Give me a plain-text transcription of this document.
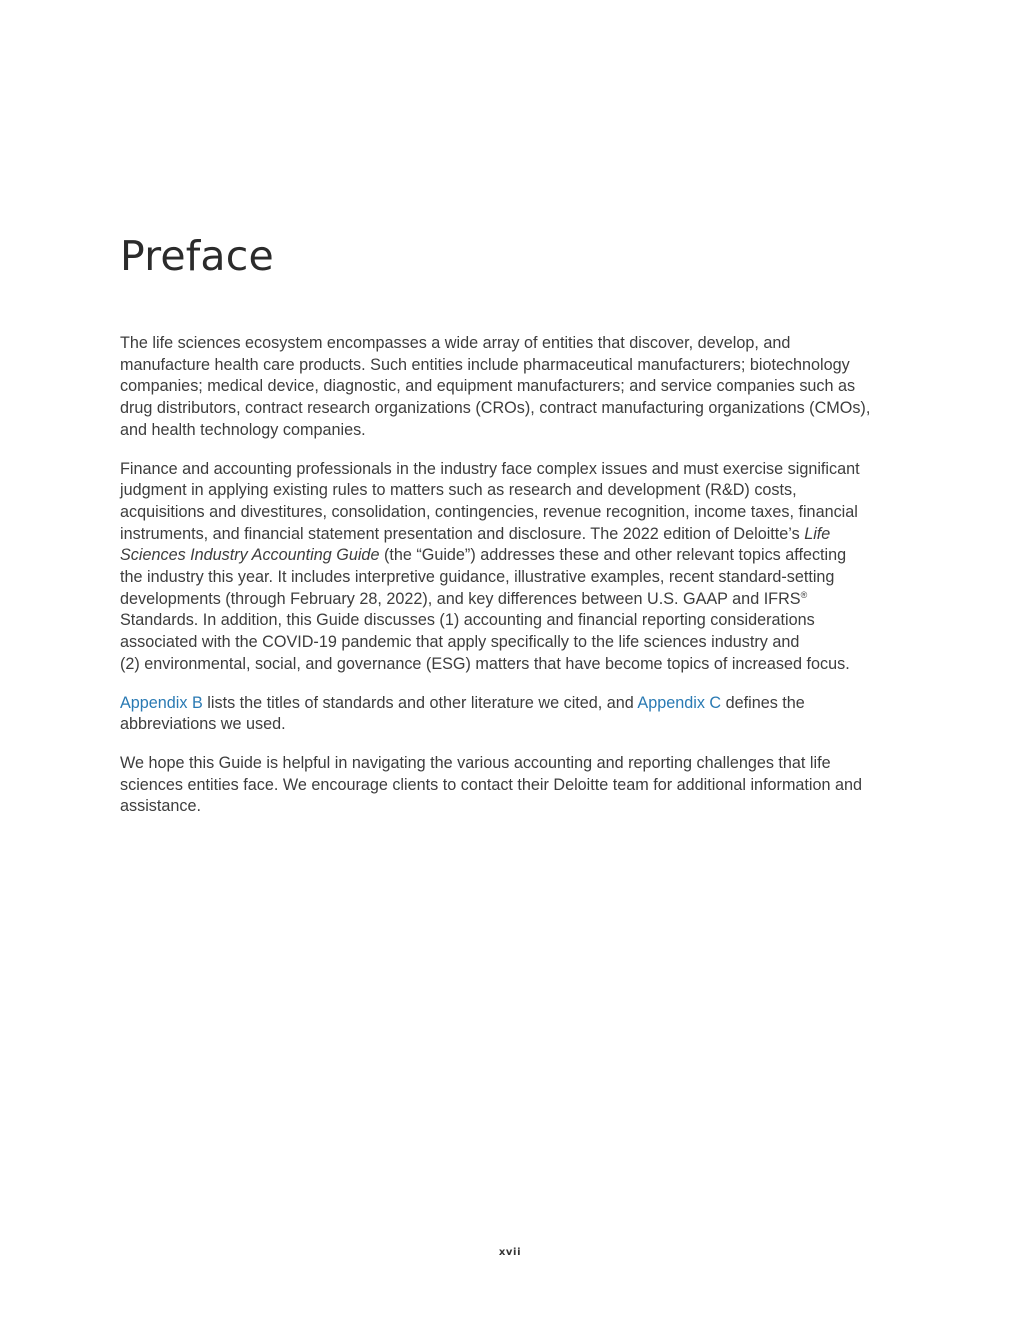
Preface

The life sciences ecosystem encompasses a wide array of entities that discover, develop, and
manufacture health care products. Such entities include pharmaceutical manufacturers; biotechnology
companies; medical device, diagnostic, and equipment manufacturers; and service companies such as
drug distributors, contract research organizations (CROs), contract manufacturing organizations (CMOs),
and health technology companies.

Finance and accounting professionals in the industry face complex issues and must exercise significant
judgment in applying existing rules to matters such as research and development (R&D) costs,
acquisitions and divestitures, consolidation, contingencies, revenue recognition, income taxes, financial
instruments, and financial statement presentation and disclosure. The 2022 edition of Deloitte’s Life
Sciences Industry Accounting Guide (the “Guide”) addresses these and other relevant topics affecting
the industry this year. It includes interpretive guidance, illustrative examples, recent standard-setting
developments (through February 28, 2022), and key differences between U.S. GAAP and IFRS®
Standards. In addition, this Guide discusses (1) accounting and financial reporting considerations
associated with the COVID-19 pandemic that apply specifically to the life sciences industry and
(2) environmental, social, and governance (ESG) matters that have become topics of increased focus.

Appendix B lists the titles of standards and other literature we cited, and Appendix C defines the
abbreviations we used.

We hope this Guide is helpful in navigating the various accounting and reporting challenges that life
sciences entities face. We encourage clients to contact their Deloitte team for additional information and
assistance.

xvii
